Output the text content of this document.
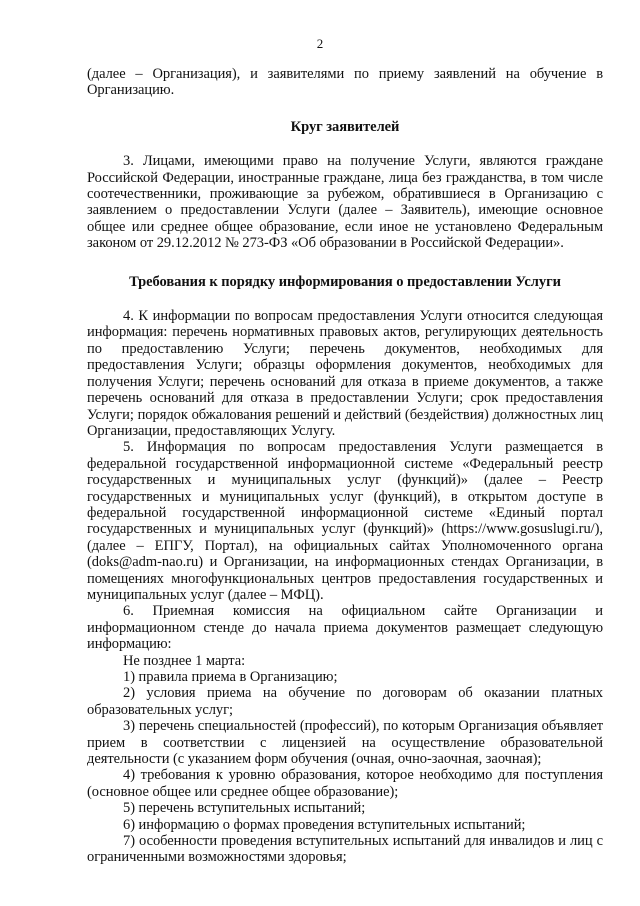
2

(далее – Организация), и заявителями по приему заявлений на обучение в Организацию.

Круг заявителей

3. Лицами, имеющими право на получение Услуги, являются граждане Российской Федерации, иностранные граждане, лица без гражданства, в том числе соотечественники, проживающие за рубежом, обратившиеся в Организацию с заявлением о предоставлении Услуги (далее – Заявитель), имеющие основное общее или среднее общее образование, если иное не установлено Федеральным законом от 29.12.2012 № 273-ФЗ «Об образовании в Российской Федерации».

Требования к порядку информирования о предоставлении Услуги

4. К информации по вопросам предоставления Услуги относится следующая информация: перечень нормативных правовых актов, регулирующих деятельность по предоставлению Услуги; перечень документов, необходимых для предоставления Услуги; образцы оформления документов, необходимых для получения Услуги; перечень оснований для отказа в приеме документов, а также перечень оснований для отказа в предоставлении Услуги; срок предоставления Услуги; порядок обжалования решений и действий (бездействия) должностных лиц Организации, предоставляющих Услугу.

5. Информация по вопросам предоставления Услуги размещается в федеральной государственной информационной системе «Федеральный реестр государственных и муниципальных услуг (функций)» (далее – Реестр государственных и муниципальных услуг (функций), в открытом доступе в федеральной государственной информационной системе «Единый портал государственных и муниципальных услуг (функций)» (https://www.gosuslugi.ru/), (далее – ЕПГУ, Портал), на официальных сайтах Уполномоченного органа (doks@adm-nao.ru) и Организации, на информационных стендах Организации, в помещениях многофункциональных центров предоставления государственных и муниципальных услуг (далее – МФЦ).

6. Приемная комиссия на официальном сайте Организации и информационном стенде до начала приема документов размещает следующую информацию:

Не позднее 1 марта:

1) правила приема в Организацию;

2) условия приема на обучение по договорам об оказании платных образовательных услуг;

3) перечень специальностей (профессий), по которым Организация объявляет прием в соответствии с лицензией на осуществление образовательной деятельности (с указанием форм обучения (очная, очно-заочная, заочная);

4) требования к уровню образования, которое необходимо для поступления (основное общее или среднее общее образование);

5) перечень вступительных испытаний;

6) информацию о формах проведения вступительных испытаний;

7) особенности проведения вступительных испытаний для инвалидов и лиц с ограниченными возможностями здоровья;
